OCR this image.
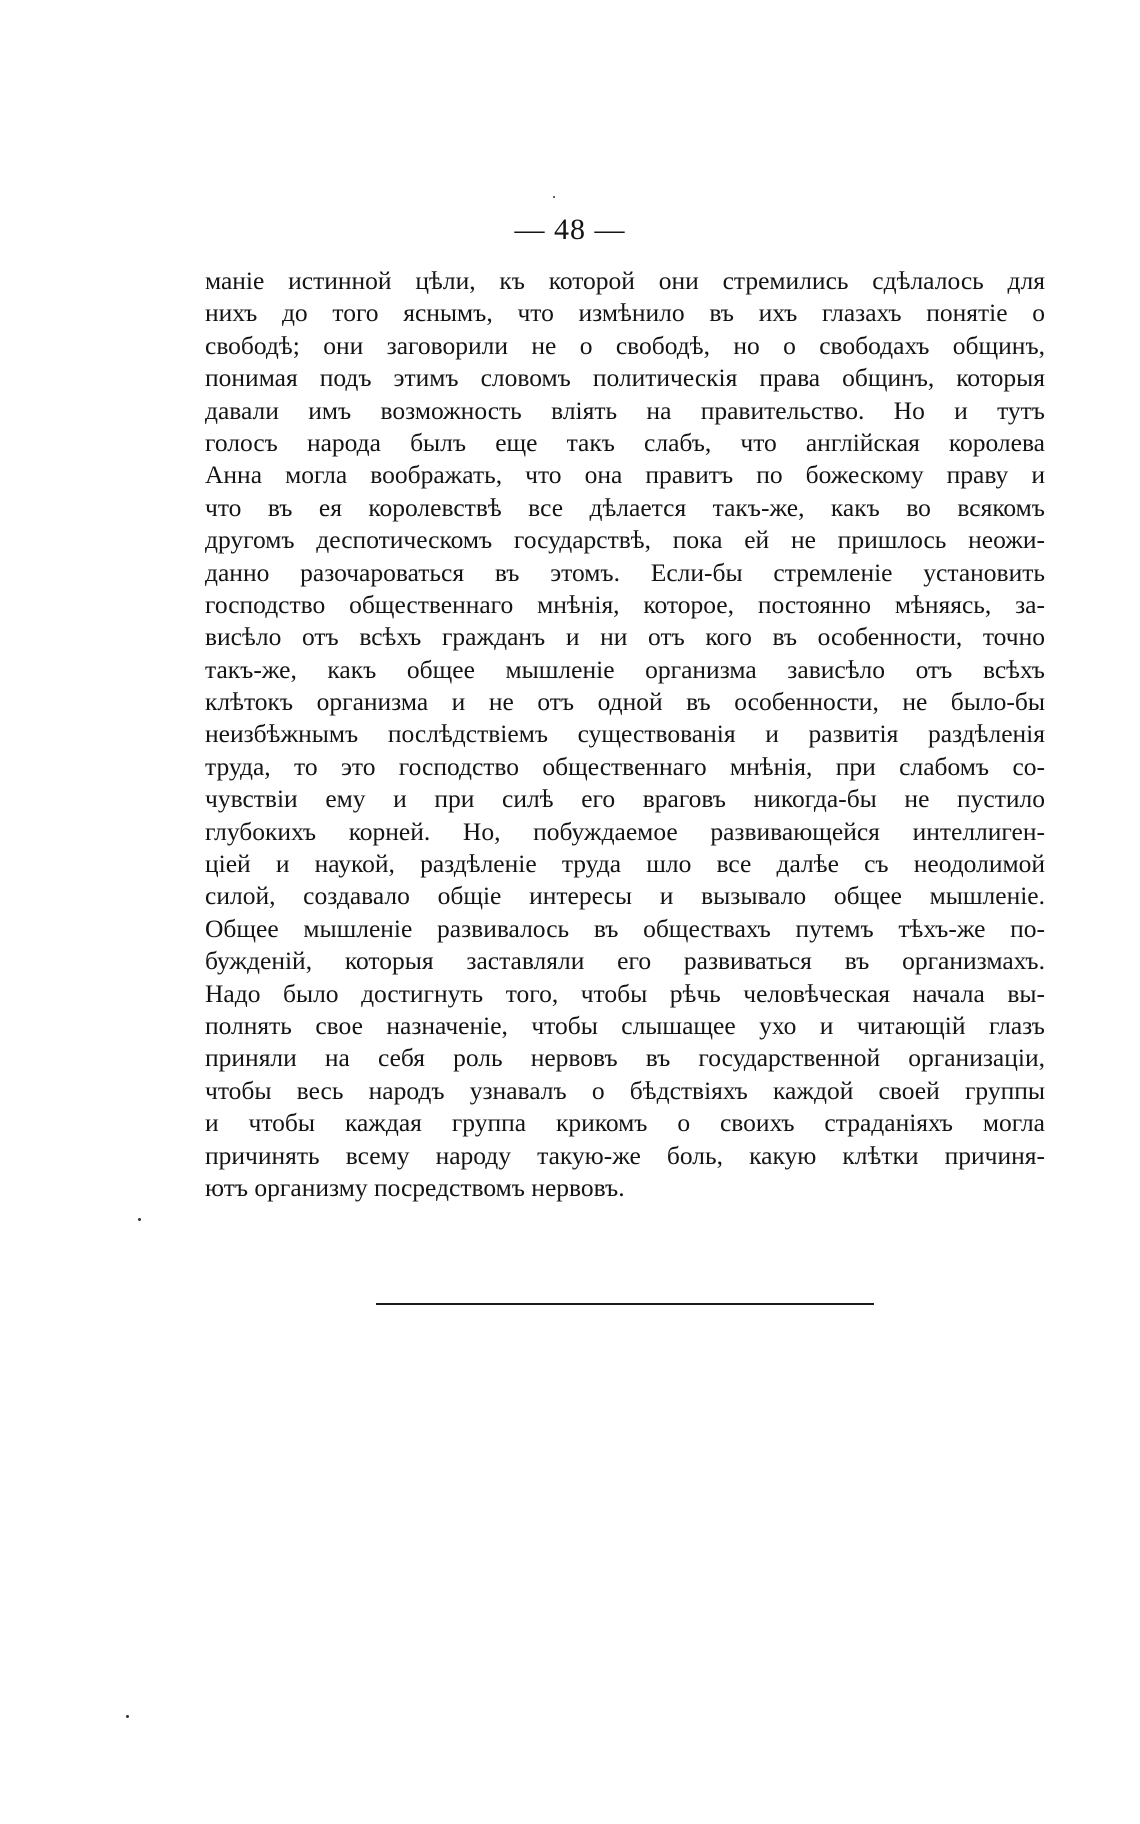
— 48 —
маніе истинной цѣли, къ которой они стремились сдѣлалось для
нихъ до того яснымъ, что измѣнило въ ихъ глазахъ понятіе о
свободѣ; они заговорили не о свободѣ, но о свободахъ общинъ,
понимая подъ этимъ словомъ политическія права общинъ, которыя
давали имъ возможность вліять на правительство. Но и тутъ
голосъ народа былъ еще такъ слабъ, что англійская королева
Анна могла воображать, что она правитъ по божескому праву и
что въ ея королевствѣ все дѣлается такъ-же, какъ во всякомъ
другомъ деспотическомъ государствѣ, пока ей не пришлось неожи-
данно разочароваться въ этомъ. Если-бы стремленіе установить
господство общественнаго мнѣнія, которое, постоянно мѣняясь, за-
висѣло отъ всѣхъ гражданъ и ни отъ кого въ особенности, точно
такъ-же, какъ общее мышленіе организма зависѣло отъ всѣхъ
клѣтокъ организма и не отъ одной въ особенности, не было-бы
неизбѣжнымъ послѣдствіемъ существованія и развитія раздѣленія
труда, то это господство общественнаго мнѣнія, при слабомъ со-
чувствіи ему и при силѣ его враговъ никогда-бы не пустило
глубокихъ корней. Но, побуждаемое развивающейся интеллиген-
ціей и наукой, раздѣленіе труда шло все далѣе съ неодолимой
силой, создавало общіе интересы и вызывало общее мышленіе.
Общее мышленіе развивалось въ обществахъ путемъ тѣхъ-же по-
бужденій, которыя заставляли его развиваться въ организмахъ.
Надо было достигнуть того, чтобы рѣчь человѣческая начала вы-
полнять свое назначеніе, чтобы слышащее ухо и читающій глазъ
приняли на себя роль нервовъ въ государственной организаціи,
чтобы весь народъ узнавалъ о бѣдствіяхъ каждой своей группы
и чтобы каждая группа крикомъ о своихъ страданіяхъ могла
причинять всему народу такую-же боль, какую клѣтки причиня-
ютъ организму посредствомъ нервовъ.
